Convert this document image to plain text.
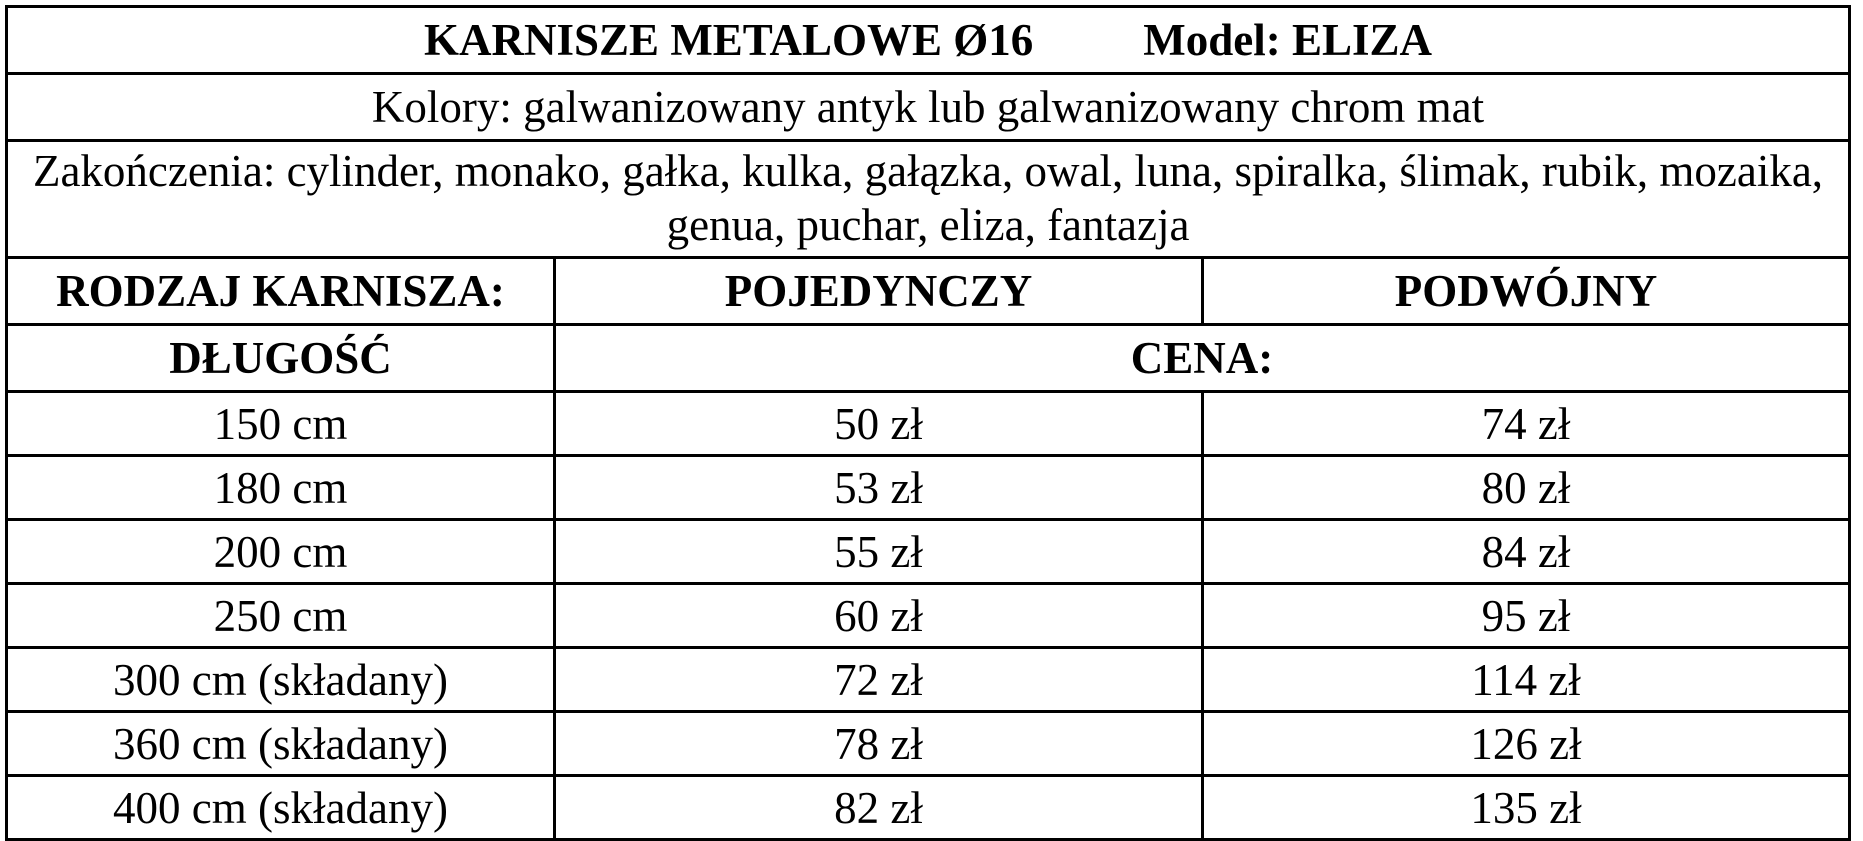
KARNISZE METALOWE Ø16 Model: ELIZA		
Kolory: galwanizowany antyk lub galwanizowany chrom mat		
Zakończenia: cylinder, monako, gałka, kulka, gałązka, owal, luna, spiralka, ślimak, rubik, mozaika, genua, puchar, eliza, fantazja		
RODZAJ KARNISZA:	POJEDYNCZY	PODWÓJNY
DŁUGOŚĆ	CENA:	
150 cm	50 zł	74 zł
180 cm	53 zł	80 zł
200 cm	55 zł	84 zł
250 cm	60 zł	95 zł
300 cm (składany)	72 zł	114 zł
360 cm (składany)	78 zł	126 zł
400 cm (składany)	82 zł	135 zł
